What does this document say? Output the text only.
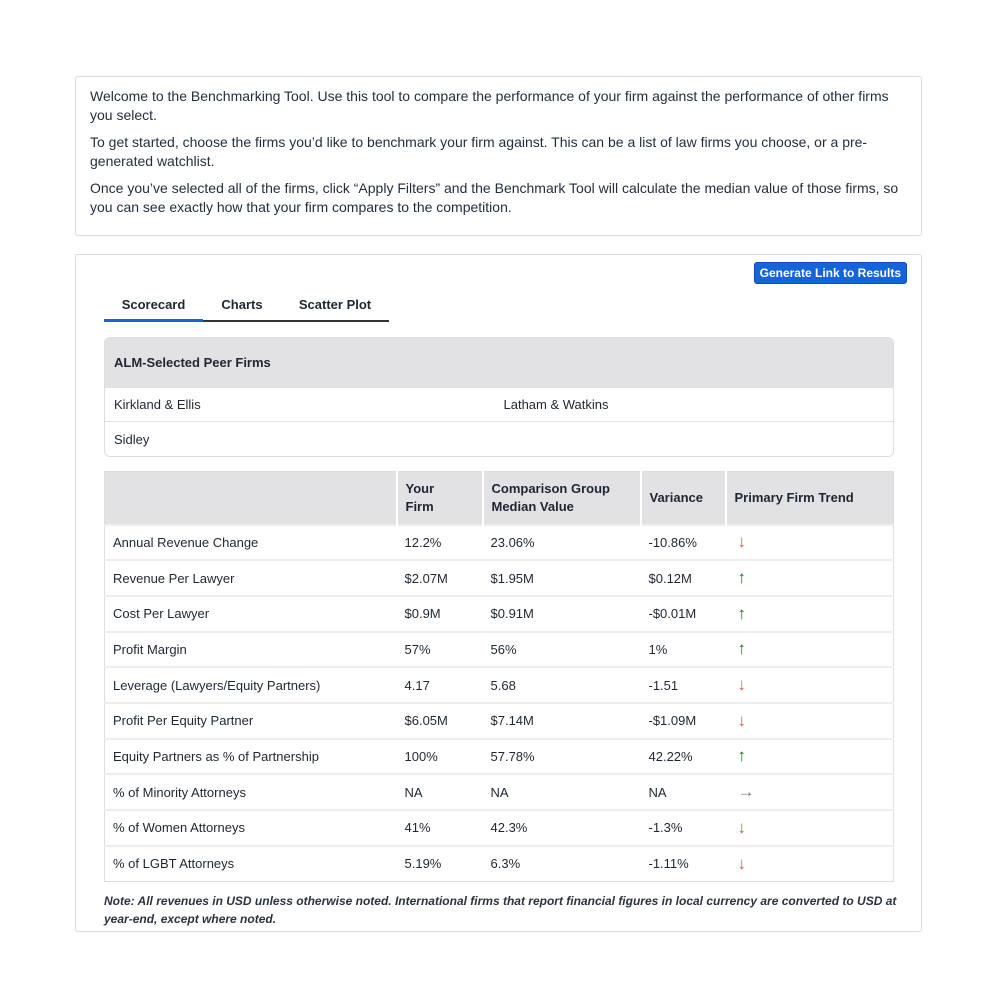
Welcome to the Benchmarking Tool. Use this tool to compare the performance of your firm against the performance of other firms you select.

To get started, choose the firms you’d like to benchmark your firm against. This can be a list of law firms you choose, or a pre-generated watchlist.

Once you’ve selected all of the firms, click “Apply Filters” and the Benchmark Tool will calculate the median value of those firms, so you can see exactly how that your firm compares to the competition.

Generate Link to Results
Scorecard	Charts	Scatter Plot
ALM-Selected Peer Firms
Kirkland & Ellis	Latham & Watkins
Sidley
	Your Firm	Comparison Group Median Value	Variance	Primary Firm Trend
Annual Revenue Change	12.2%	23.06%	-10.86%	↓
Revenue Per Lawyer	$2.07M	$1.95M	$0.12M	↑
Cost Per Lawyer	$0.9M	$0.91M	-$0.01M	↑
Profit Margin	57%	56%	1%	↑
Leverage (Lawyers/Equity Partners)	4.17	5.68	-1.51	↓
Profit Per Equity Partner	$6.05M	$7.14M	-$1.09M	↓
Equity Partners as % of Partnership	100%	57.78%	42.22%	↑
% of Minority Attorneys	NA	NA	NA	→
% of Women Attorneys	41%	42.3%	-1.3%	↓
% of LGBT Attorneys	5.19%	6.3%	-1.11%	↓
Note: All revenues in USD unless otherwise noted. International firms that report financial figures in local currency are converted to USD at year-end, except where noted.
